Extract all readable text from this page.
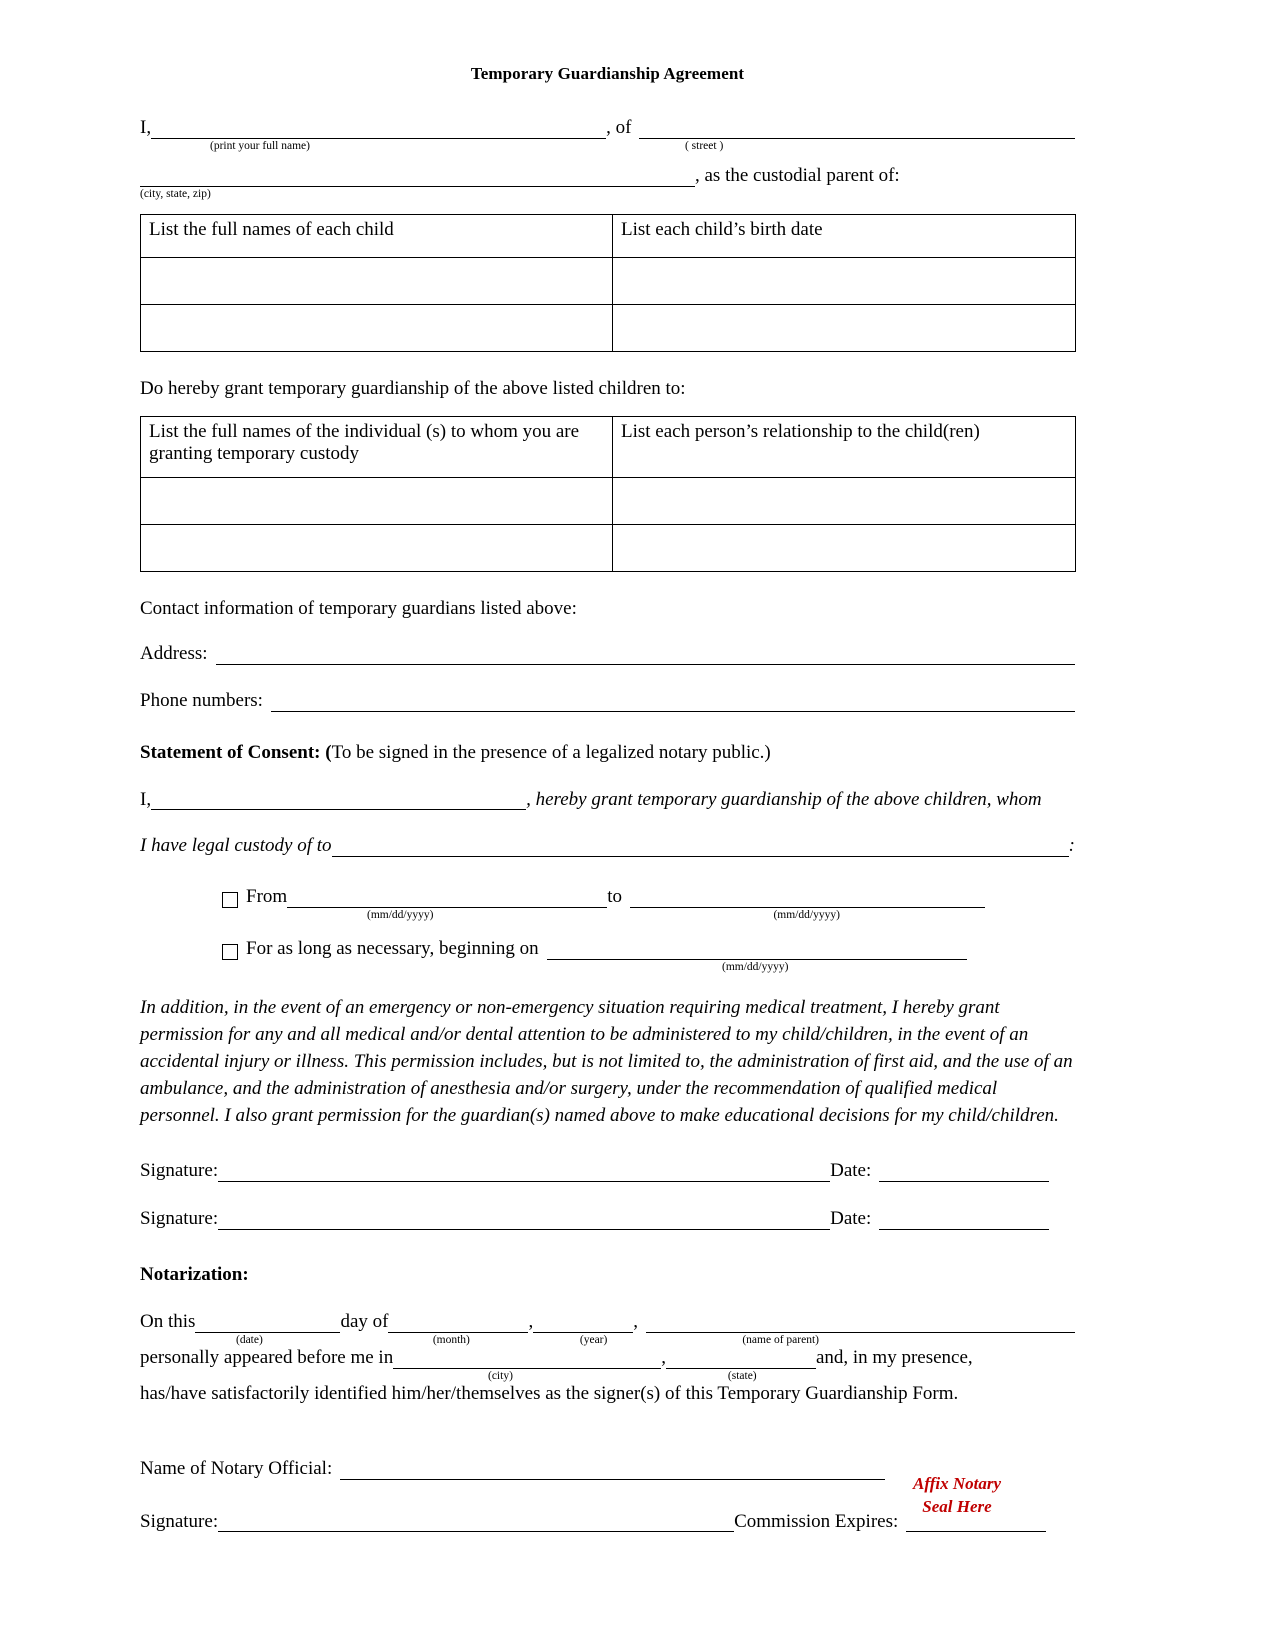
Temporary Guardianship Agreement
I,	, of
(print your full name)	( street )
, as the custodial parent of:
(city, state, zip)
List the full names of each child	List each child’s birth date

Do hereby grant temporary guardianship of the above listed children to:
List the full names of the individual (s) to whom you are granting temporary custody	List each person’s relationship to the child(ren)

Contact information of temporary guardians listed above:
Address:
Phone numbers:
Statement of Consent: (To be signed in the presence of a legalized notary public.)
I,	, hereby grant temporary guardianship of the above children, whom
I have legal custody of to	:
From	to
(mm/dd/yyyy)	(mm/dd/yyyy)
For as long as necessary, beginning on
(mm/dd/yyyy)
In addition, in the event of an emergency or non-emergency situation requiring medical treatment, I hereby grant permission for any and all medical and/or dental attention to be administered to my child/children, in the event of an accidental injury or illness. This permission includes, but is not limited to, the administration of first aid, and the use of an ambulance, and the administration of anesthesia and/or surgery, under the recommendation of qualified medical personnel. I also grant permission for the guardian(s) named above to make educational decisions for my child/children.
Signature:	Date:
Signature:	Date:
Notarization:
On this	day of	,	,
(date)	(month)	(year)	(name of parent)
personally appeared before me in	,	and, in my presence,
(city)	(state)
has/have satisfactorily identified him/her/themselves as the signer(s) of this Temporary Guardianship Form.
Affix Notary
Seal Here
Name of Notary Official:
Signature:	Commission Expires:
